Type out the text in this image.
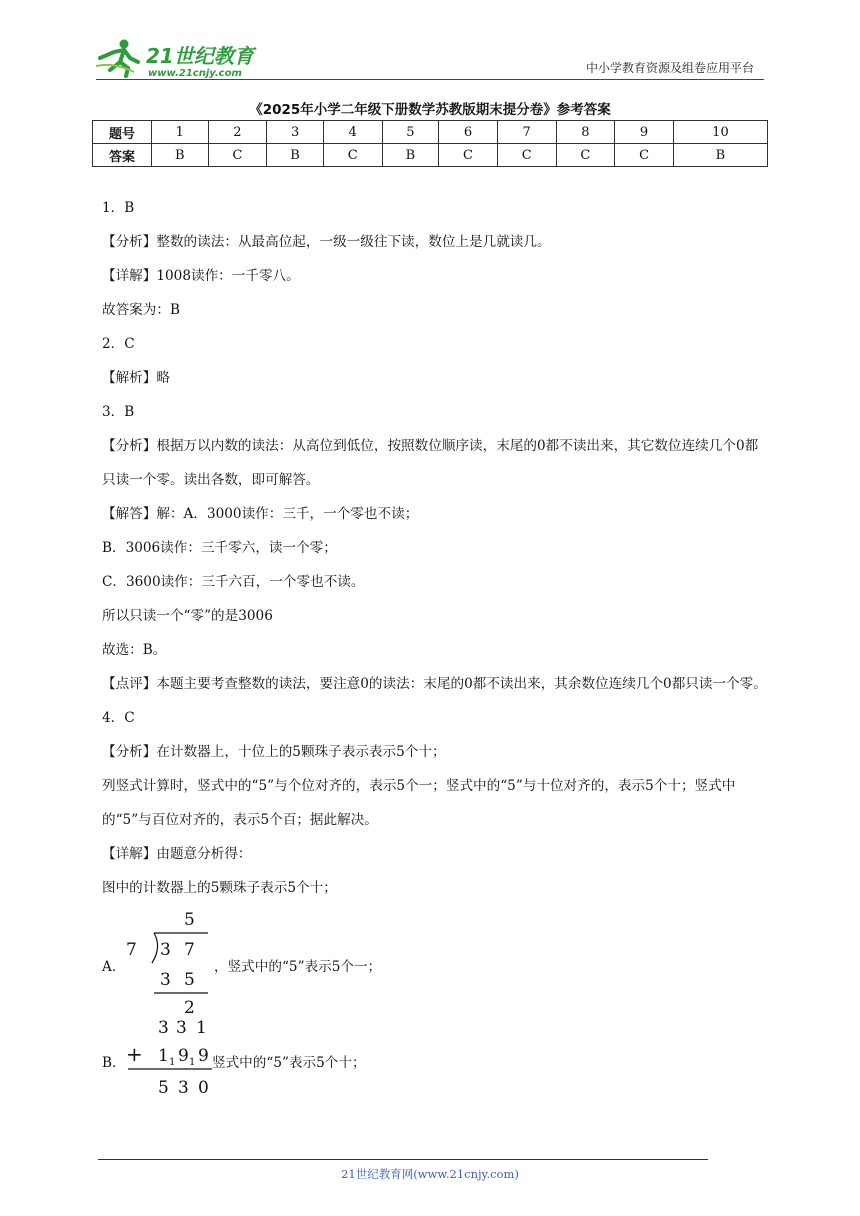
21世纪教育
www.21cnjy.com	中小学教育资源及组卷应用平台
《2025年小学二年级下册数学苏教版期末提分卷》参考答案
题号	1	2	3	4	5	6	7	8	9	10
答案	B	C	B	C	B	C	C	C	C	B
1．B
【分析】整数的读法：从最高位起，一级一级往下读，数位上是几就读几。
【详解】1008读作：一千零八。
故答案为：B
2．C
【解析】略
3．B
【分析】根据万以内数的读法：从高位到低位，按照数位顺序读，末尾的0都不读出来，其它数位连续几个0都只读一个零。读出各数，即可解答。
【解答】解：A．3000读作：三千，一个零也不读；
B．3006读作：三千零六，读一个零；
C．3600读作：三千六百，一个零也不读。
所以只读一个“零”的是3006
故选：B。
【点评】本题主要考查整数的读法，要注意0的读法：末尾的0都不读出来，其余数位连续几个0都只读一个零。
4．C
【分析】在计数器上，十位上的5颗珠子表示表示5个十；
列竖式计算时，竖式中的“5”与个位对齐的，表示5个一；竖式中的“5”与十位对齐的，表示5个十；竖式中的“5”与百位对齐的，表示5个百；据此解决。
【详解】由题意分析得：
图中的计数器上的5颗珠子表示5个十；
A．
5
7 3 7
3 5
2
，竖式中的“5”表示5个一；
B．
3 3 1
+ 1 1 9 1 9
5 3 0
竖式中的“5”表示5个十；
21世纪教育网(www.21cnjy.com)
